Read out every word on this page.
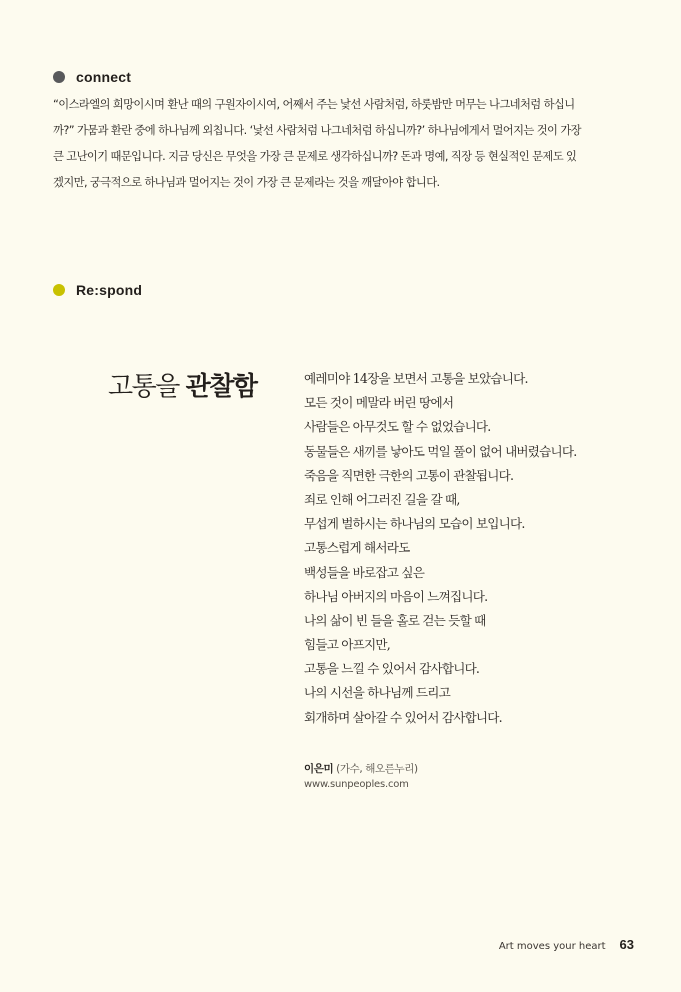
connect
“이스라엘의 희망이시며 환난 때의 구원자이시여, 어째서 주는 낯선 사람처럼, 하룻밤만 머무는 나그네처럼 하십니
까?” 가뭄과 환란 중에 하나님께 외칩니다. ‘낯선 사람처럼 나그네처럼 하십니까?’ 하나님에게서 멀어지는 것이 가장
큰 고난이기 때문입니다. 지금 당신은 무엇을 가장 큰 문제로 생각하십니까? 돈과 명예, 직장 등 현실적인 문제도 있
겠지만, 궁극적으로 하나님과 멀어지는 것이 가장 큰 문제라는 것을 깨달아야 합니다.
Re:spond
고통을 관찰함	예레미야 14장을 보면서 고통을 보았습니다.
모든 것이 메말라 버린 땅에서
사람들은 아무것도 할 수 없었습니다.
동물들은 새끼를 낳아도 먹일 풀이 없어 내버렸습니다.
죽음을 직면한 극한의 고통이 관찰됩니다.
죄로 인해 어그러진 길을 갈 때,
무섭게 벌하시는 하나님의 모습이 보입니다.
고통스럽게 해서라도
백성들을 바로잡고 싶은
하나님 아버지의 마음이 느껴집니다.
나의 삶이 빈 들을 홀로 걷는 듯할 때
힘들고 아프지만,
고통을 느낄 수 있어서 감사합니다.
나의 시선을 하나님께 드리고
회개하며 살아갈 수 있어서 감사합니다.
이은미 (가수, 해오른누리)
www.sunpeoples.com
Art moves your heart 63
